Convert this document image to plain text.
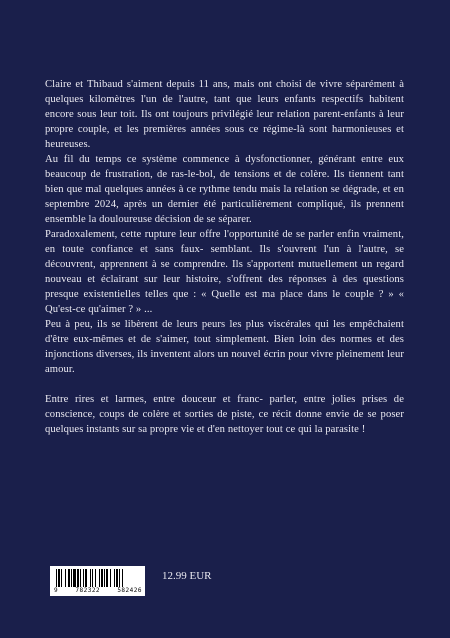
Claire et Thibaud s'aiment depuis 11 ans, mais ont choisi de vivre séparément à quelques kilomètres l'un de l'autre, tant que leurs enfants respectifs habitent encore sous leur toit. Ils ont toujours privilégié leur relation parent-enfants à leur propre couple, et les premières années sous ce régime-là sont harmonieuses et heureuses.

Au fil du temps ce système commence à dysfonctionner, générant entre eux beaucoup de frustration, de ras-le-bol, de tensions et de colère. Ils tiennent tant bien que mal quelques années à ce rythme tendu mais la relation se dégrade, et en septembre 2024, après un dernier été particulièrement compliqué, ils prennent ensemble la douloureuse décision de se séparer.

Paradoxalement, cette rupture leur offre l'opportunité de se parler enfin vraiment, en toute confiance et sans faux- semblant. Ils s'ouvrent l'un à l'autre, se découvrent, apprennent à se comprendre. Ils s'apportent mutuellement un regard nouveau et éclairant sur leur histoire, s'offrent des réponses à des questions presque existentielles telles que : « Quelle est ma place dans le couple ? » « Qu'est-ce qu'aimer ? » ...

Peu à peu, ils se libèrent de leurs peurs les plus viscérales qui les empêchaient d'être eux-mêmes et de s'aimer, tout simplement. Bien loin des normes et des injonctions diverses, ils inventent alors un nouvel écrin pour vivre pleinement leur amour.

Entre rires et larmes, entre douceur et franc- parler, entre jolies prises de conscience, coups de colère et sorties de piste, ce récit donne envie de se poser quelques instants sur sa propre vie et d'en nettoyer tout ce qui la parasite !

9	782322	582426
12.99 EUR
